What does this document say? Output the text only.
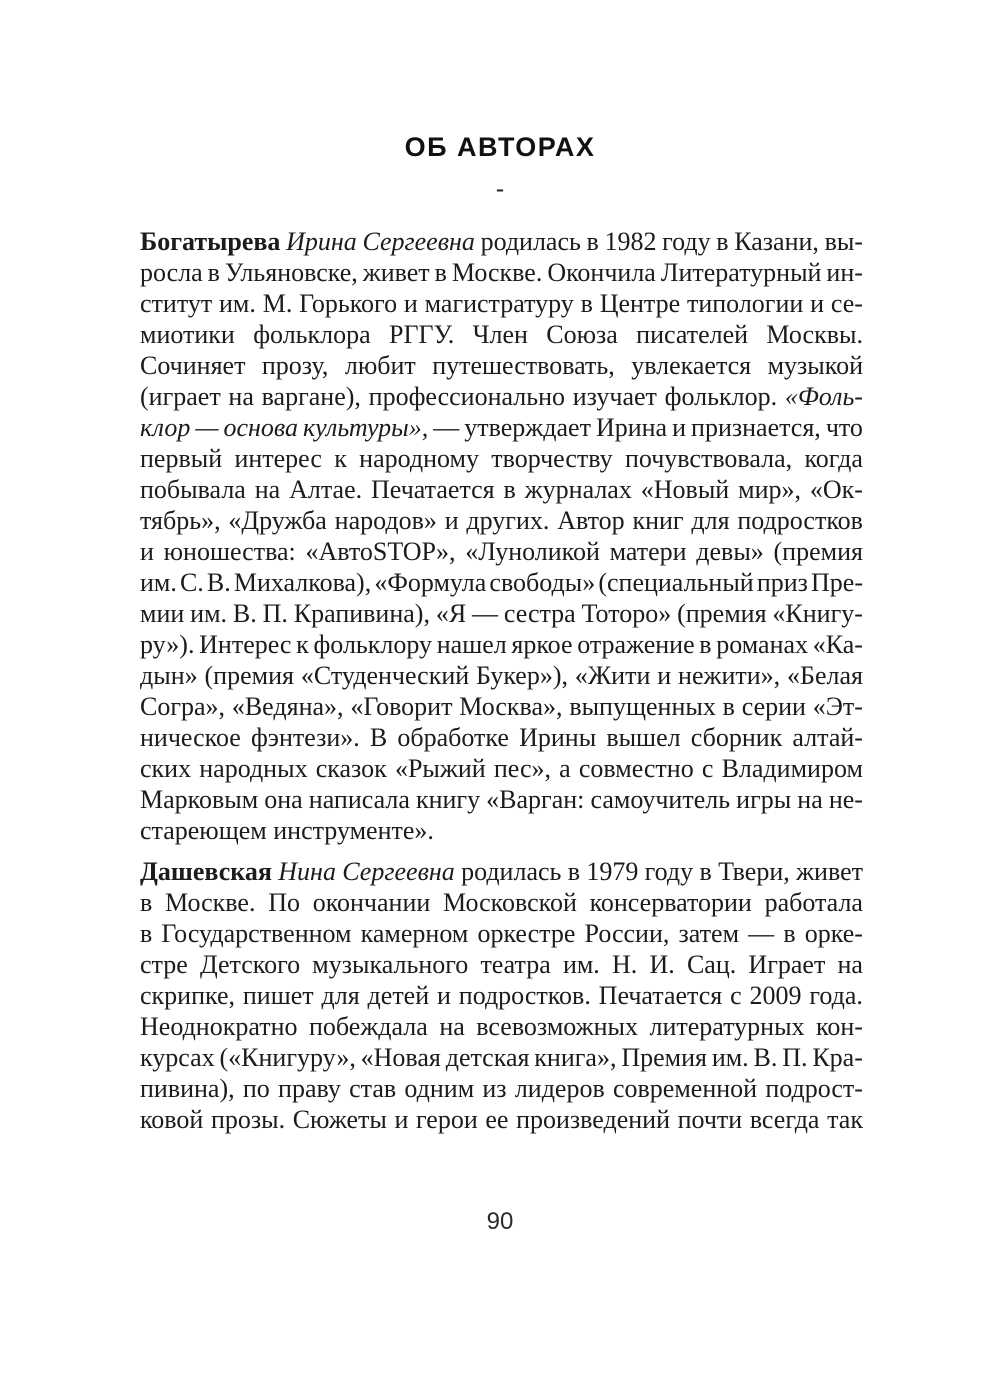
ОБ АВТОРАХ
-
Богатырева Ирина Сергеевна родилась в 1982 году в Казани, вы-
росла в Ульяновске, живет в Москве. Окончила Литературный ин-
ститут им. М. Горького и магистратуру в Центре типологии и се-
миотики фольклора РГГУ. Член Союза писателей Москвы.
Сочиняет прозу, любит путешествовать, увлекается музыкой
(играет на варгане), профессионально изучает фольклор. «Фоль-
клор — основа культуры», — утверждает Ирина и признается, что
первый интерес к народному творчеству почувствовала, когда
побывала на Алтае. Печатается в журналах «Новый мир», «Ок-
тябрь», «Дружба народов» и других. Автор книг для подростков
и юношества: «АвтоSTOP», «Луноликой матери девы» (премия
им. С. В. Михалкова), «Формула свободы» (специальный приз Пре-
мии им. В. П. Крапивина), «Я — сестра Тоторо» (премия «Книгу-
ру»). Интерес к фольклору нашел яркое отражение в романах «Ка-
дын» (премия «Студенческий Букер»), «Жити и нежити», «Белая
Согра», «Ведяна», «Говорит Москва», выпущенных в серии «Эт-
ническое фэнтези». В обработке Ирины вышел сборник алтай-
ских народных сказок «Рыжий пес», а совместно с Владимиром
Марковым она написала книгу «Варган: самоучитель игры на не-
стареющем инструменте».
Дашевская Нина Сергеевна родилась в 1979 году в Твери, живет
в Москве. По окончании Московской консерватории работала
в Государственном камерном оркестре России, затем — в орке-
стре Детского музыкального театра им. Н. И. Сац. Играет на
скрипке, пишет для детей и подростков. Печатается с 2009 года.
Неоднократно побеждала на всевозможных литературных кон-
курсах («Книгуру», «Новая детская книга», Премия им. В. П. Кра-
пивина), по праву став одним из лидеров современной подрост-
ковой прозы. Сюжеты и герои ее произведений почти всегда так
90
